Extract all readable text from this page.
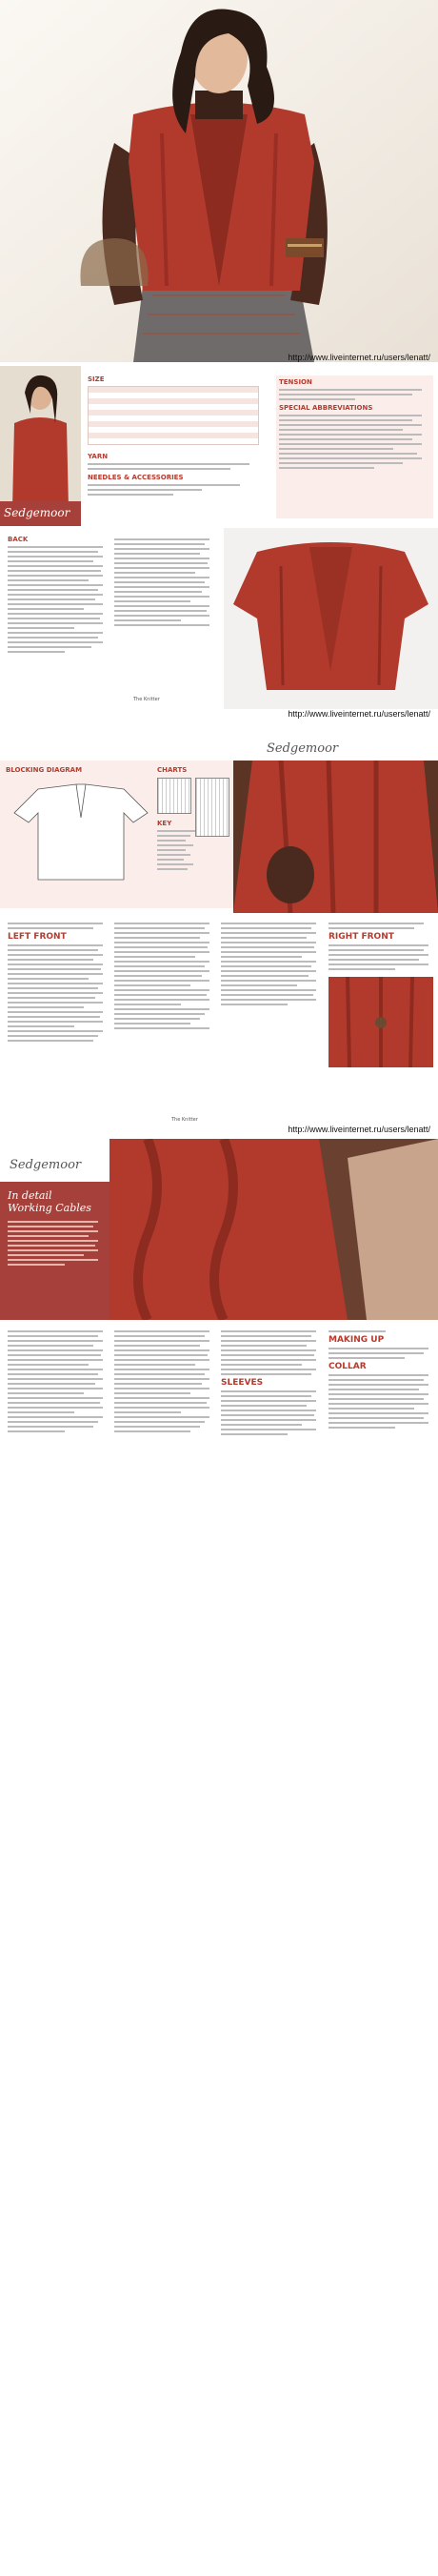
http://www.liveinternet.ru/users/lenatt/
Sedgemoor
SIZE
YARN
NEEDLES & ACCESSORIES
TENSION
SPECIAL ABBREVIATIONS
BACK
The Knitter
http://www.liveinternet.ru/users/lenatt/
Sedgemoor
BLOCKING DIAGRAM	CHARTS
KEY
LEFT FRONT	RIGHT FRONT
The Knitter
http://www.liveinternet.ru/users/lenatt/
Sedgemoor
In detail
Working Cables
SLEEVES
MAKING UP
COLLAR
